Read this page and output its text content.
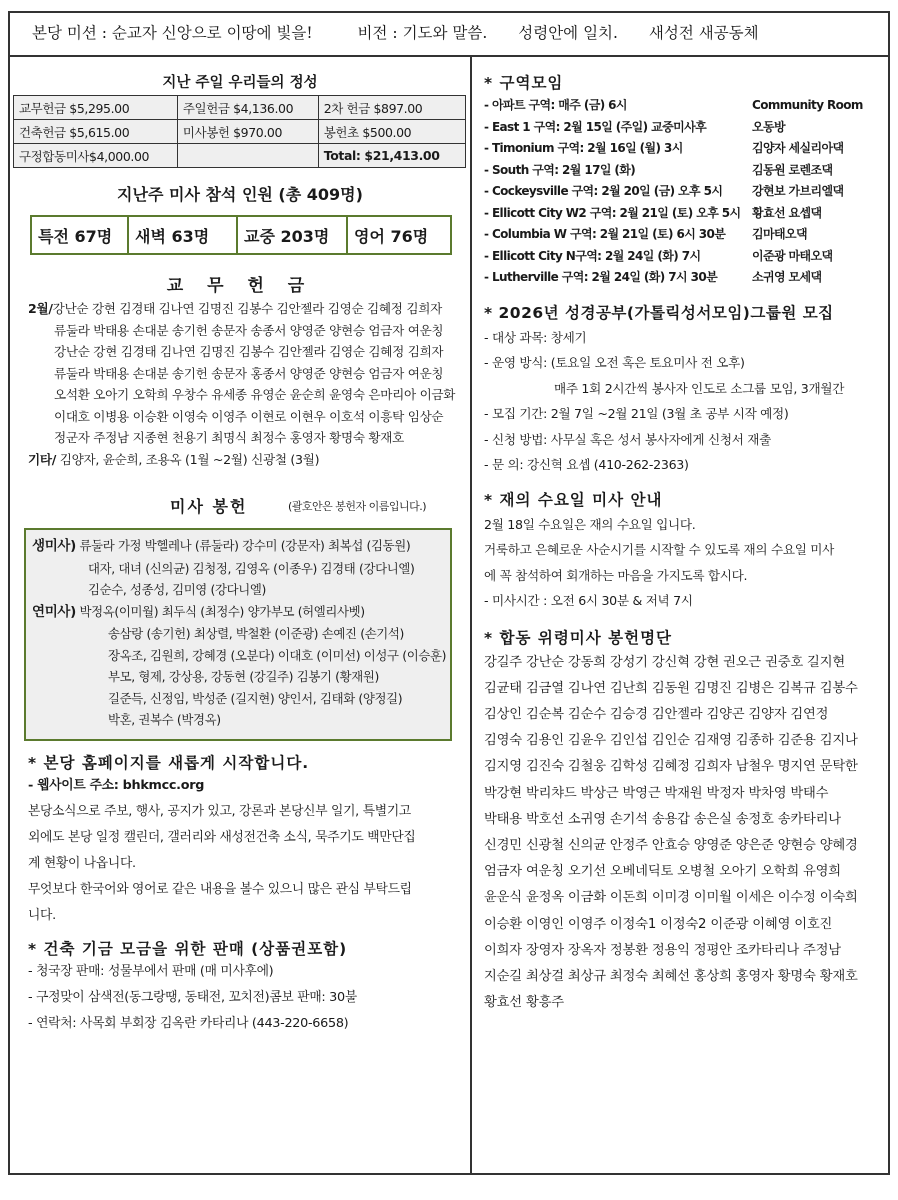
본당 미션 : 순교자 신앙으로 이땅에 빛을!	비전 : 기도와 말씀. 성령안에 일치. 새성전 새공동체
지난 주일 우리들의 정성
교무헌금 $5,295.00	주일헌금 $4,136.00	2차 헌금 $897.00
건축헌금 $5,615.00	미사봉헌 $970.00	봉헌초 $500.00
구정합동미사$4,000.00		Total: $21,413.00
지난주 미사 참석 인원 (총 409명)
특전 67명	새벽 63명	교중 203명	영어 76명
교 무 헌 금
2월/강난순 강현 김경태 김나연 김명진 김봉수 김안젤라 김영순 김혜정 김희자
류둘라 박태용 손대분 송기헌 송문자 송종서 양영준 양현승 엄금자 여운칭
강난순 강현 김경태 김나연 김명진 김봉수 김안젤라 김영순 김혜정 김희자
류둘라 박태용 손대분 송기헌 송문자 홍종서 양영준 양현승 엄금자 여운칭
오석환 오아기 오학희 우창수 유세종 유영순 윤순희 윤영숙 은마리아 이금화
이대호 이병용 이승환 이영숙 이영주 이현로 이현우 이호석 이흥탁 임상순
정군자 주정남 지종현 천용기 최명식 최정수 홍영자 황명숙 황재호
기타/ 김양자, 윤순희, 조용옥 (1월 ~2월) 신광철 (3월)
미사 봉헌	(괄호안은 봉헌자 이름입니다.)
생미사) 류둘라 가정 박헬레나 (류둘라) 강수미 (강문자) 최복섭 (김동원)
대자, 대녀 (신의균) 김청정, 김영옥 (이종우) 김경태 (강다니엘)
김순수, 성종성, 김미영 (강다니엘)
연미사) 박정옥(이미월) 최두식 (최정수) 양가부모 (허엘리사벳)
송삼랑 (송기헌) 최상렬, 박철환 (이준광) 손예진 (손기석)
장옥조, 김원희, 강혜경 (오분다) 이대호 (이미선) 이성구 (이승훈)
부모, 형제, 강상용, 강동현 (강길주) 김봉기 (황재원)
길준득, 신정임, 박성준 (길지현) 양인서, 김태화 (양정길)
박혼, 권복수 (박경옥)
* 본당 홈페이지를 새롭게 시작합니다.
- 웹사이트 주소: bhkmcc.org
본당소식으로 주보, 행사, 공지가 있고, 강론과 본당신부 일기, 특별기고
외에도 본당 일정 캘린더, 갤러리와 새성전건축 소식, 묵주기도 백만단집
계 현황이 나옵니다.
무엇보다 한국어와 영어로 같은 내용을 볼수 있으니 많은 관심 부탁드립
니다.
* 건축 기금 모금을 위한 판매 (상품권포함)
- 청국장 판매: 성물부에서 판매 (매 미사후에)
- 구정맞이 삼색전(동그랑땡, 동태전, 꼬치전)콤보 판매: 30불
- 연락처: 사목회 부회장 김옥란 카타리나 (443-220-6658)
* 구역모임
- 아파트 구역: 매주 (금) 6시	Community Room
- East 1 구역: 2월 15일 (주일) 교중미사후	오동방
- Timonium 구역: 2월 16일 (월) 3시	김양자 세실리아댁
- South 구역: 2월 17일 (화)	김동원 로렌조댁
- Cockeysville 구역: 2월 20일 (금) 오후 5시	강현보 가브리엘댁
- Ellicott City W2 구역: 2월 21일 (토) 오후 5시 황효선 요셉댁
- Columbia W 구역: 2월 21일 (토) 6시 30분	김마태오댁
- Ellicott City N구역: 2월 24일 (화) 7시	이준광 마태오댁
- Lutherville 구역: 2월 24일 (화) 7시 30분	소귀영 모세댁
* 2026년 성경공부(가톨릭성서모임)그룹원 모집
- 대상 과목: 창세기
- 운영 방식: (토요일 오전 혹은 토요미사 전 오후)
매주 1회 2시간씩 봉사자 인도로 소그룹 모임, 3개월간
- 모집 기간: 2월 7일 ~2월 21일 (3월 초 공부 시작 예정)
- 신청 방법: 사무실 혹은 성서 봉사자에게 신청서 재출
- 문 의: 강신혁 요셉 (410-262-2363)
* 재의 수요일 미사 안내
2월 18일 수요일은 재의 수요일 입니다.
거룩하고 은혜로운 사순시기를 시작할 수 있도록 재의 수요일 미사
에 꼭 참석하여 회개하는 마음을 가지도록 합시다.
- 미사시간 : 오전 6시 30분 & 저녁 7시
* 합동 위령미사 봉헌명단
강길주 강난순 강동희 강성기 강신혁 강현 권오근 권중호 길지현
김균태 김금열 김나연 김난희 김동원 김명진 김병은 김복규 김봉수
김상인 김순복 김순수 김승경 김안젤라 김양곤 김양자 김연정
김영숙 김용인 김윤우 김인섭 김인순 김재영 김종하 김준용 김지나
김지영 김진숙 김철웅 김학성 김혜정 김희자 남철우 명지연 문탁한
박강현 박리챠드 박상근 박영근 박재원 박정자 박차영 박태수
박태용 박호선 소귀영 손기석 송용갑 송은실 송정호 송카타리나
신경민 신광철 신의균 안정주 안효승 양영준 양은준 양현승 양혜경
엄금자 여운칭 오기선 오베네딕토 오병철 오아기 오학희 유영희
윤운식 윤정옥 이금화 이돈희 이미경 이미월 이세은 이수정 이숙희
이승환 이영인 이영주 이정숙1 이정숙2 이준광 이혜영 이호진
이희자 장영자 장옥자 정봉환 정용익 정평안 조카타리나 주정남
지순길 최상걸 최상규 최정숙 최혜선 홍상희 홍영자 황명숙 황재호
황효선 황흥주
